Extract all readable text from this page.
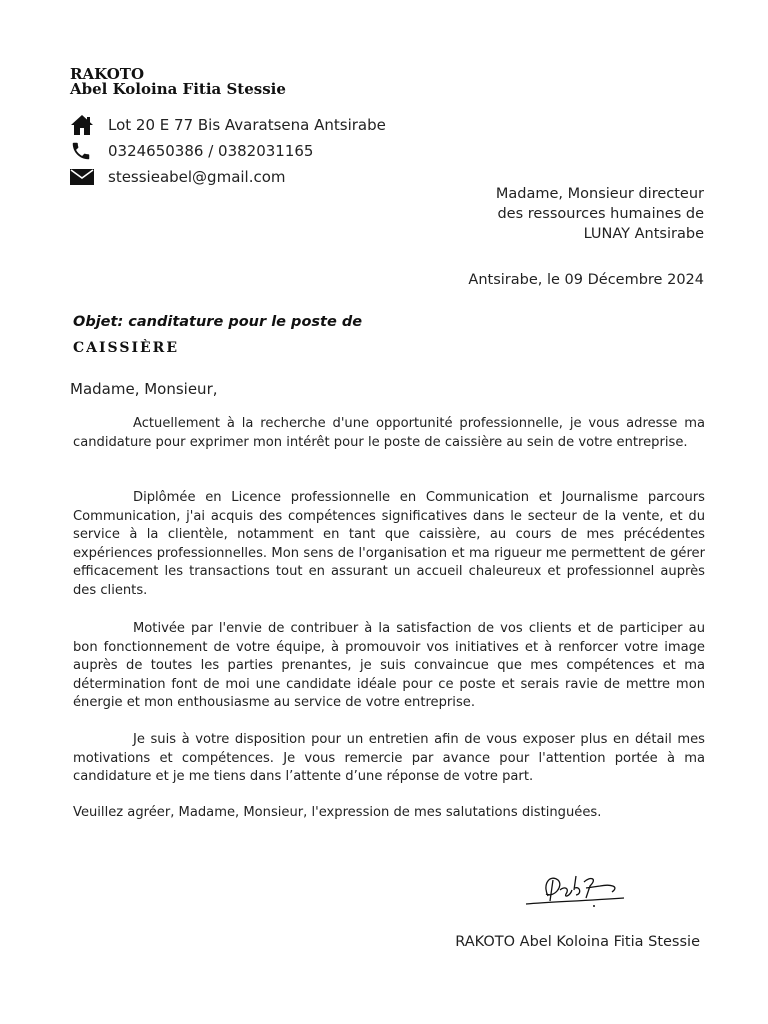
RAKOTO
Abel Koloina Fitia Stessie
Lot 20 E 77 Bis Avaratsena Antsirabe
0324650386 / 0382031165
stessieabel@gmail.com
Madame, Monsieur directeur
des ressources humaines de
LUNAY Antsirabe
Antsirabe, le 09 Décembre 2024
Objet: canditature pour le poste de
CAISSIÈRE
Madame, Monsieur,
Actuellement à la recherche d'une opportunité professionnelle, je vous adresse ma candidature pour exprimer mon intérêt pour le poste de caissière au sein de votre entreprise.
Diplômée en Licence professionnelle en Communication et Journalisme parcours Communication, j'ai acquis des compétences significatives dans le secteur de la vente, et du service à la clientèle, notamment en tant que caissière, au cours de mes précédentes expériences professionnelles. Mon sens de l'organisation et ma rigueur me permettent de gérer efficacement les transactions tout en assurant un accueil chaleureux et professionnel auprès des clients.
Motivée par l'envie de contribuer à la satisfaction de vos clients et de participer au bon fonctionnement de votre équipe, à promouvoir vos initiatives et à renforcer votre image auprès de toutes les parties prenantes, je suis convaincue que mes compétences et ma détermination font de moi une candidate idéale pour ce poste et serais ravie de mettre mon énergie et mon enthousiasme au service de votre entreprise.
Je suis à votre disposition pour un entretien afin de vous exposer plus en détail mes motivations et compétences. Je vous remercie par avance pour l'attention portée à ma candidature et je me tiens dans l’attente d’une réponse de votre part.
Veuillez agréer, Madame, Monsieur, l'expression de mes salutations distinguées.
RAKOTO Abel Koloina Fitia Stessie
